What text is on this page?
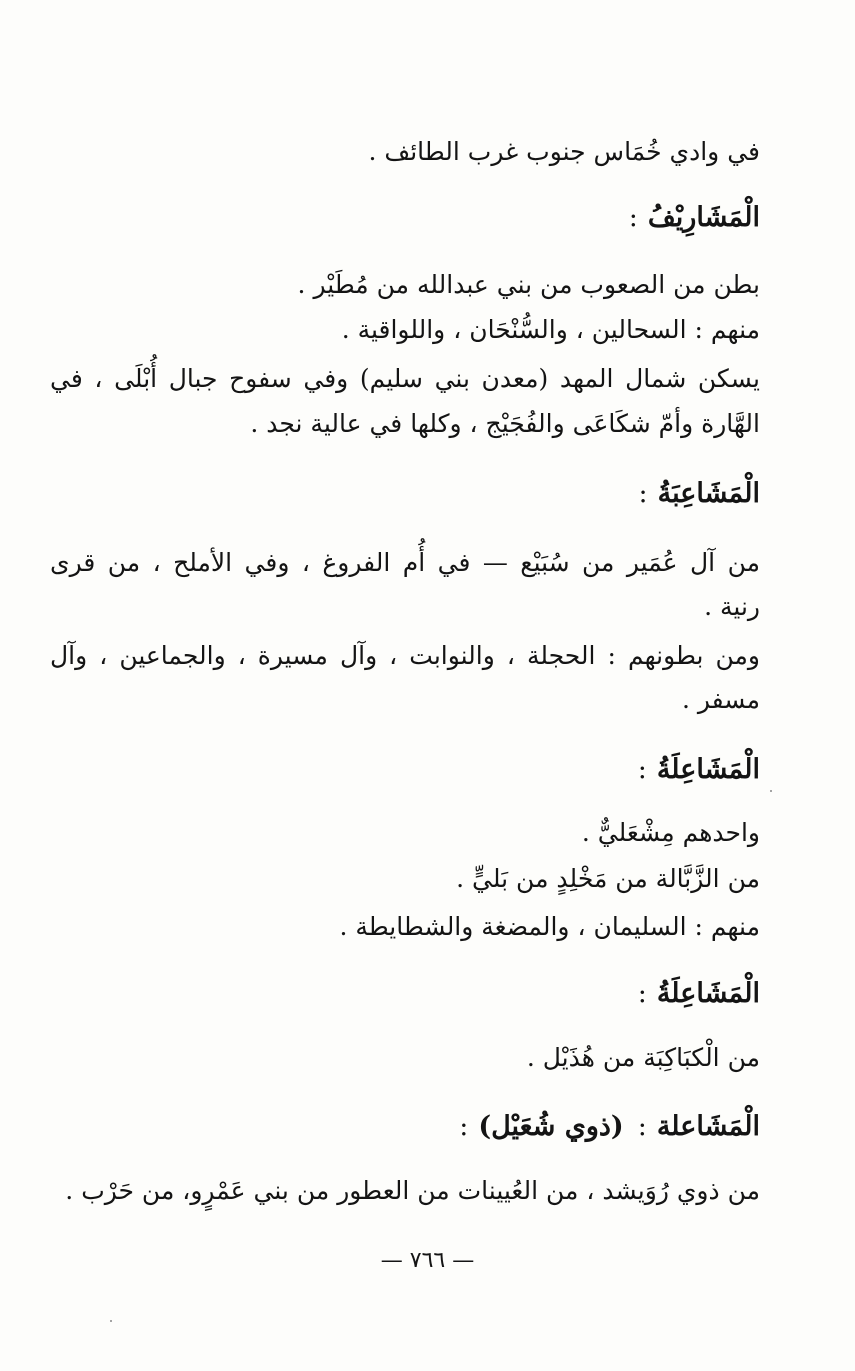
في وادي خُمَاس جنوب غرب الطائف .
الْمَشَارِيْفُ:
بطن من الصعوب من بني عبدالله من مُطَيْر .
منهم : السحالين ، والسُّنْحَان ، واللواقية .
يسكن شمال المهد (معدن بني سليم) وفي سفوح جبال أُبْلَى ، في
الهَّارة وأمّ شكَاعَى والفُجَيْج ، وكلها في عالية نجد .
الْمَشَاعِبَةُ:
من آل عُمَير من سُبَيْع — في أُم الفروغ ، وفي الأملح ، من قرى
رنية .
ومن بطونهم : الحجلة ، والنوابت ، وآل مسيرة ، والجماعين ، وآل
مسفر .
الْمَشَاعِلَةُ:
واحدهم مِشْعَليٌّ .
من الزَّبَّالة من مَخْلِدٍ من بَليٍّ .
منهم : السليمان ، والمضغة والشطايطة .
الْمَشَاعِلَةُ:
من الْكبَاكِبَة من هُذَيْل .
الْمَشَاعلة:(ذوي شُعَيْل):
من ذوي رُوَيشد ، من العُيينات من العطور من بني عَمْرٍو، من حَرْب .
— ٧٦٦ —
